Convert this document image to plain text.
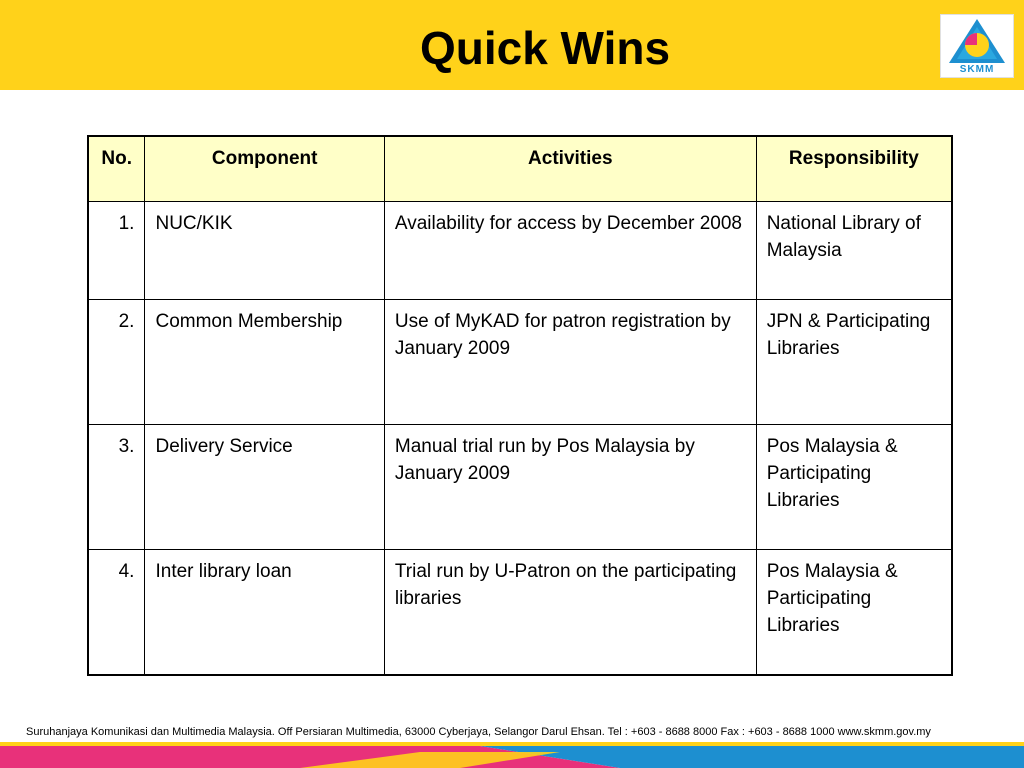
Quick Wins	SKMM
No.	Component	Activities	Responsibility
1.	NUC/KIK	Availability for access by December 2008	National Library of Malaysia
2.	Common Membership	Use of MyKAD for patron registration by January 2009	JPN & Participating Libraries
3.	Delivery Service	Manual trial run by Pos Malaysia by January 2009	Pos Malaysia & Participating Libraries
4.	Inter library loan	Trial run by U-Patron on the participating libraries	Pos Malaysia & Participating Libraries
Suruhanjaya Komunikasi dan Multimedia Malaysia. Off Persiaran Multimedia, 63000 Cyberjaya, Selangor Darul Ehsan. Tel : +603 - 8688 8000 Fax : +603 - 8688 1000 www.skmm.gov.my
